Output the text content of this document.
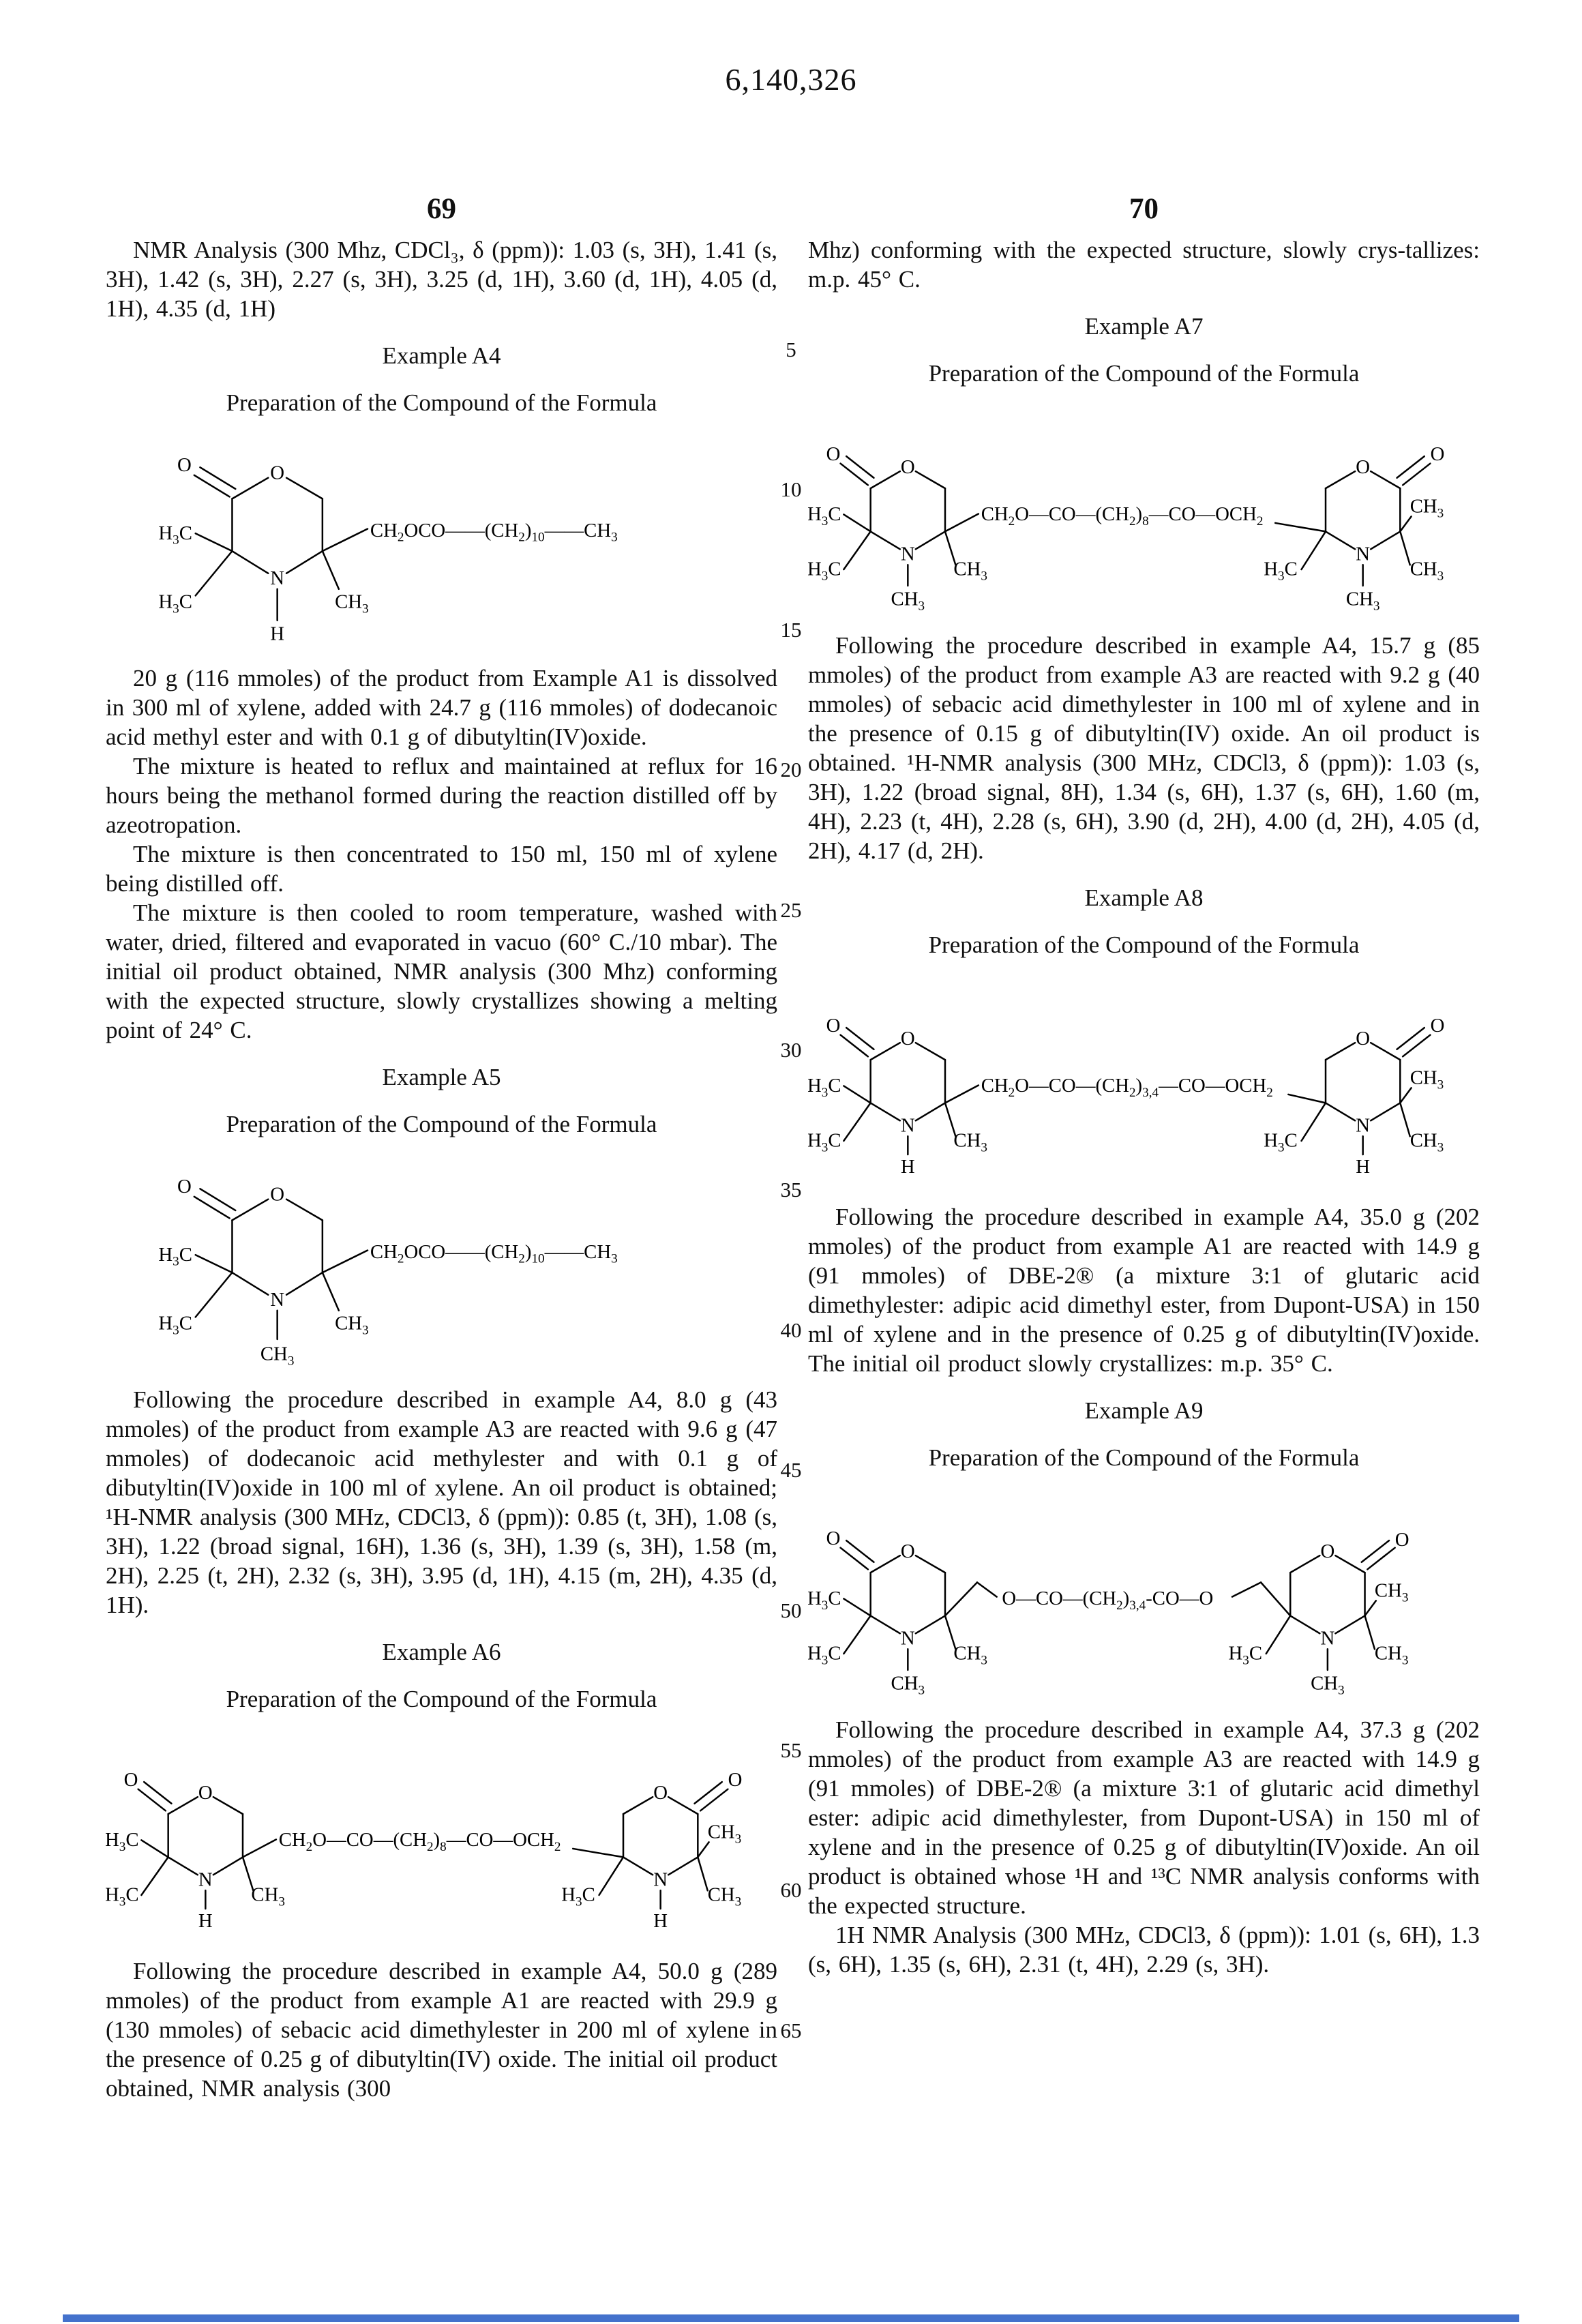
6,140,326
69	70

NMR Analysis (300 Mhz, CDCl₃, δ (ppm)): 1.03 (s, 3H), 1.41 (s, 3H), 1.42 (s, 3H), 2.27 (s, 3H), 3.25 (d, 1H), 3.60 (d, 1H), 4.05 (d, 1H), 4.35 (d, 1H)

Example A4
Preparation of the Compound of the Formula
O
O
$H_3C$
$H_3C$
N
H
$CH_3$
$CH_2OCO——(CH_2)_{10}——CH_3$

20 g (116 mmoles) of the product from Example A1 is dissolved in 300 ml of xylene, added with 24.7 g (116 mmoles) of dodecanoic acid methyl ester and with 0.1 g of dibutyltin(IV)oxide.

The mixture is heated to reflux and maintained at reflux for 16 hours being the methanol formed during the reaction distilled off by azeotropation.

The mixture is then concentrated to 150 ml, 150 ml of xylene being distilled off.

The mixture is then cooled to room temperature, washed with water, dried, filtered and evaporated in vacuo (60° C./10 mbar). The initial oil product obtained, NMR analysis (300 Mhz) conforming with the expected structure, slowly crystallizes showing a melting point of 24° C.

Example A5
Preparation of the Compound of the Formula
O
O
$H_3C$
$H_3C$
N
$CH_3$
$CH_3$
$CH_2OCO——(CH_2)_{10}——CH_3$

Following the procedure described in example A4, 8.0 g (43 mmoles) of the product from example A3 are reacted with 9.6 g (47 mmoles) of dodecanoic acid methylester and with 0.1 g of dibutyltin(IV)oxide in 100 ml of xylene. An oil product is obtained; ¹H-NMR analysis (300 MHz, CDCl3, δ (ppm)): 0.85 (t, 3H), 1.08 (s, 3H), 1.22 (broad signal, 16H), 1.36 (s, 3H), 1.39 (s, 3H), 1.58 (m, 2H), 2.25 (t, 2H), 2.32 (s, 3H), 3.95 (d, 1H), 4.15 (m, 2H), 4.35 (d, 1H).

Example A6
Preparation of the Compound of the Formula
O
O
$H_3C$
$H_3C$
N
H
$CH_3$
$CH_2O—CO—(CH_2)_8—CO—OCH_2$
O
O
$H_3C$
N
H
$CH_3$
$CH_3$

Following the procedure described in example A4, 50.0 g (289 mmoles) of the product from example A1 are reacted with 29.9 g (130 mmoles) of sebacic acid dimethylester in 200 ml of xylene in the presence of 0.25 g of dibutyltin(IV) oxide. The initial oil product obtained, NMR analysis (300

Mhz) conforming with the expected structure, slowly crys-tallizes: m.p. 45° C.

Example A7
Preparation of the Compound of the Formula
O
O
$H_3C$
$H_3C$
N
$CH_3$
$CH_3$
$CH_2O—CO—(CH_2)_8—CO—OCH_2$
O
O
$H_3C$
N
$CH_3$
$CH_3$
$CH_3$

Following the procedure described in example A4, 15.7 g (85 mmoles) of the product from example A3 are reacted with 9.2 g (40 mmoles) of sebacic acid dimethylester in 100 ml of xylene and in the presence of 0.15 g of dibutyltin(IV) oxide. An oil product is obtained. ¹H-NMR analysis (300 MHz, CDCl3, δ (ppm)): 1.03 (s, 3H), 1.22 (broad signal, 8H), 1.34 (s, 6H), 1.37 (s, 6H), 1.60 (m, 4H), 2.23 (t, 4H), 2.28 (s, 6H), 3.90 (d, 2H), 4.00 (d, 2H), 4.05 (d, 2H), 4.17 (d, 2H).

Example A8
Preparation of the Compound of the Formula
O
O
$H_3C$
$H_3C$
N
H
$CH_3$
$CH_2O—CO—(CH_2)_{3,4}—CO—OCH_2$
O
O
$H_3C$
N
H
$CH_3$
$CH_3$

Following the procedure described in example A4, 35.0 g (202 mmoles) of the product from example A1 are reacted with 14.9 g (91 mmoles) of DBE-2® (a mixture 3:1 of glutaric acid dimethylester: adipic acid dimethyl ester, from Dupont-USA) in 150 ml of xylene and in the presence of 0.25 g of dibutyltin(IV)oxide. The initial oil product slowly crystallizes: m.p. 35° C.

Example A9
Preparation of the Compound of the Formula
O
O
$H_3C$
$H_3C$
N
$CH_3$
$CH_3$
$O—CO—(CH_2)_{3,4}-CO—O$
O
O
$H_3C$
N
$CH_3$
$CH_3$
$CH_3$

Following the procedure described in example A4, 37.3 g (202 mmoles) of the product from example A3 are reacted with 14.9 g (91 mmoles) of DBE-2® (a mixture 3:1 of glutaric acid dimethyl ester: adipic acid dimethylester, from Dupont-USA) in 150 ml of xylene and in the presence of 0.25 g of dibutyltin(IV)oxide. An oil product is obtained whose ¹H and ¹³C NMR analysis conforms with the expected structure.

1H NMR Analysis (300 MHz, CDCl3, δ (ppm)): 1.01 (s, 6H), 1.3 (s, 6H), 1.35 (s, 6H), 2.31 (t, 4H), 2.29 (s, 3H).

5
10
15
20
25
30
35
40
45
50
55
60
65
